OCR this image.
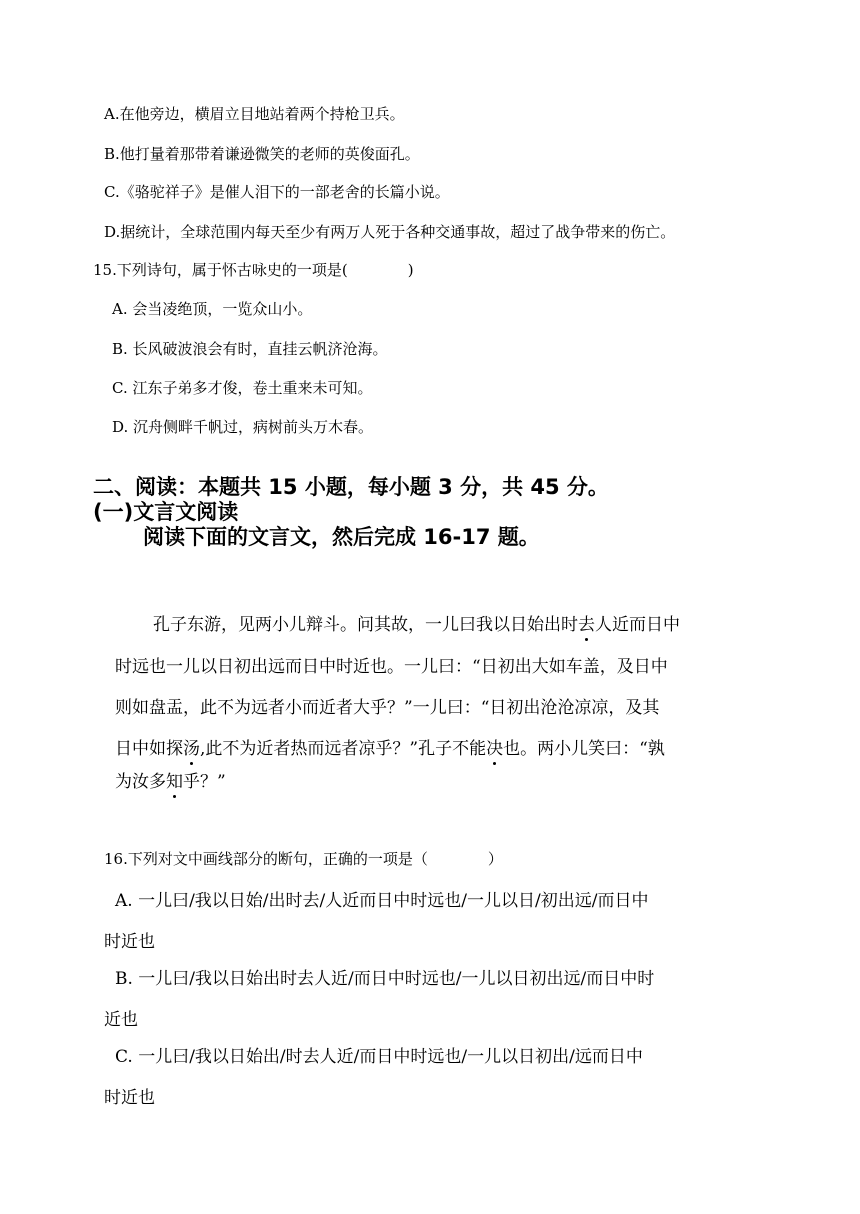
A.在他旁边，横眉立目地站着两个持枪卫兵。
B.他打量着那带着谦逊微笑的老师的英俊面孔。
C.《骆驼祥子》是催人泪下的一部老舍的长篇小说。
D.据统计，全球范围内每天至少有两万人死于各种交通事故，超过了战争带来的伤亡。
15.下列诗句，属于怀古咏史的一项是(　　　　)
A. 会当凌绝顶，一览众山小。
B. 长风破波浪会有时，直挂云帆济沧海。
C. 江东子弟多才俊，卷土重来未可知。
D. 沉舟侧畔千帆过，病树前头万木春。
二、阅读：本题共 15 小题，每小题 3 分，共 45 分。
(一)文言文阅读
阅读下面的文言文，然后完成 16-17 题。
孔子东游，见两小儿辩斗。问其故，一儿曰我以日始出时去人近而日中
时远也一儿以日初出远而日中时近也。一儿曰：“日初出大如车盖，及日中
则如盘盂，此不为远者小而近者大乎？”一儿曰：“日初出沧沧凉凉，及其
日中如探汤,此不为近者热而远者凉乎？”孔子不能决也。两小儿笑曰：“孰
为汝多知乎？”
16.下列对文中画线部分的断句，正确的一项是（　　　　）
A. 一儿曰/我以日始/出时去/人近而日中时远也/一儿以日/初出远/而日中
时近也
B. 一儿曰/我以日始出时去人近/而日中时远也/一儿以日初出远/而日中时
近也
C. 一儿曰/我以日始出/时去人近/而日中时远也/一儿以日初出/远而日中
时近也
